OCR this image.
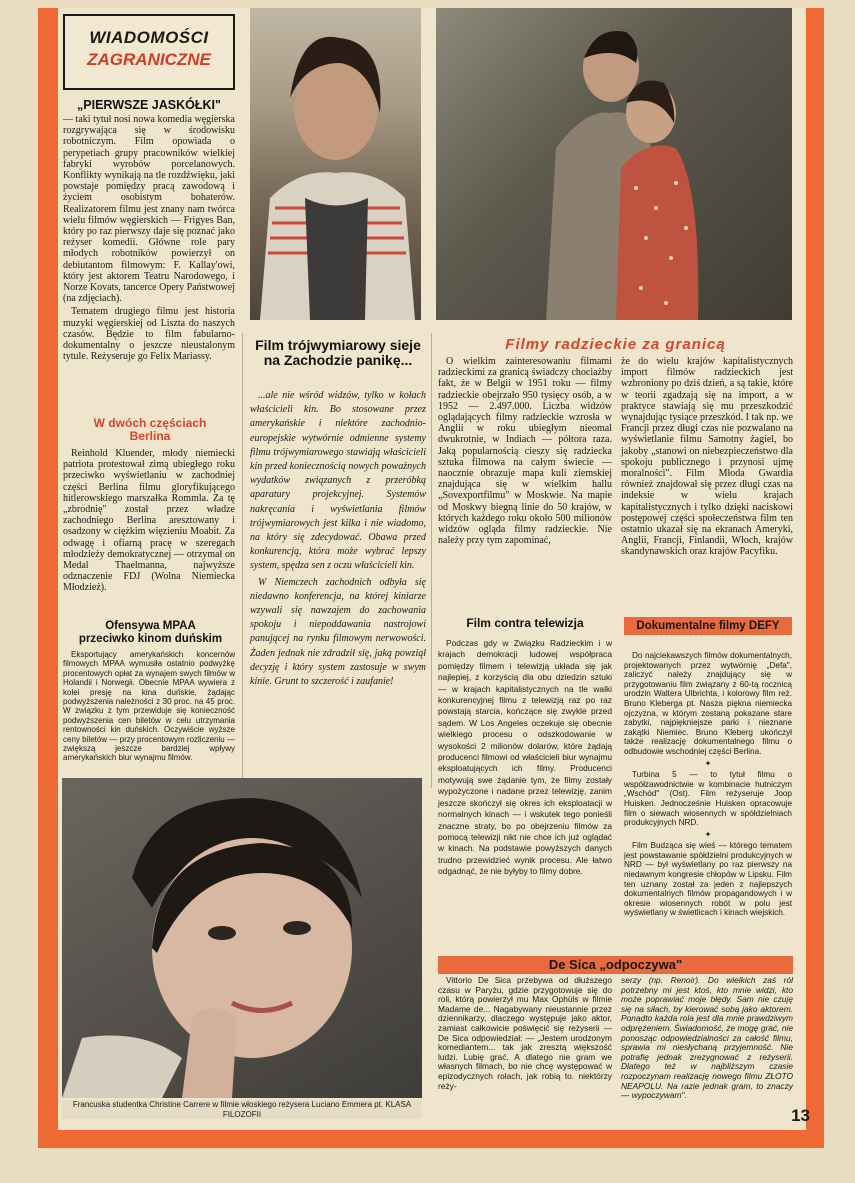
WIADOMOŚCI
ZAGRANICZNE
„PIERWSZE JASKÓŁKI"

— taki tytuł nosi nowa komedia węgierska rozgrywająca się w środowisku robotniczym. Film opowiada o perypetiach grupy pracowników wielkiej fabryki wyrobów porcelanowych. Konflikty wynikają na tle rozdźwięku, jaki powstaje pomiędzy pracą zawodową i życiem osobistym bohaterów. Realizatorem filmu jest znany nam twórca wielu filmów węgierskich — Frigyes Ban, który po raz pierwszy daje się poznać jako reżyser komedii. Główne role pary młodych robotników powierzył on debiutantom filmowym: F. Kallay'owi, który jest aktorem Teatru Narodowego, i Norze Kovats, tancerce Opery Państwowej (na zdjęciach).

Tematem drugiego filmu jest historia muzyki węgierskiej od Liszta do naszych czasów. Będzie to film fabularno-dokumentalny o jeszcze nieustalonym tytule. Reżyseruje go Felix Mariassy.

W dwóch częściach Berlina

Reinhold Kluender, młody niemiecki patriota protestował zimą ubiegłego roku przeciwko wyświetlaniu w zachodniej części Berlina filmu gloryfikującego hitlerowskiego marszałka Rommla. Za tę „zbrodnię" został przez władze zachodniego Berlina aresztowany i osadzony w ciężkim więzieniu Moabit. Za odwagę i ofiarną pracę w szeregach młodzieży demokratycznej — otrzymał on Medal Thaelmanna, najwyższe odznaczenie FDJ (Wolna Niemiecka Młodzież).

Ofensywa MPAA przeciwko kinom duńskim

Eksportujący amerykańskich koncernów filmowych MPAA wymusiła ostatnio podwyżkę procentowych opłat za wynajem swych filmów w Holandii i Norwegii. Obecnie MPAA wywiera z kolei presję na kina duńskie, żądając podwyższenia należności z 30 proc. na 45 proc. W związku z tym przewiduje się konieczność podwyższenia cen biletów w celu utrzymania rentowności kin duńskich. Oczywiście wyższe ceny biletów — przy procentowym rozliczeniu — zwiększą jeszcze bardziej wpływy amerykańskich biur wynajmu filmów.

Film trójwymiarowy sieje na Zachodzie panikę...

...ale nie wśród widzów, tylko w kołach właścicieli kin. Bo stosowane przez amerykańskie i niektóre zachodnio-europejskie wytwórnie odmienne systemy filmu trójwymiarowego stawiają właścicieli kin przed koniecznością nowych poważnych wydatków związanych z przeróbką aparatury projekcyjnej. Systemów nakręcania i wyświetlania filmów trójwymiarowych jest kilka i nie wiadomo, na który się zdecydować. Obawa przed konkurencją, która może wybrać lepszy system, spędza sen z oczu właścicieli kin.

W Niemczech zachodnich odbyła się niedawno konferencja, na której kiniarze wzywali się nawzajem do zachowania spokoju i niepoddawania nastrojowi panującej na rynku filmowym nerwowości. Żaden jednak nie zdradził się, jaką powziął decyzję i który system zastosuje w swym kinie. Grunt to szczerość i zaufanie!

Filmy radzieckie za granicą

O wielkim zainteresowaniu filmami radzieckimi za granicą świadczy chociażby fakt, że w Belgii w 1951 roku — filmy radzieckie obejrzało 950 tysięcy osób, a w 1952 — 2.497.000. Liczba widzów oglądających filmy radzieckie wzrosła w Anglii w roku ubiegłym nieomal dwukrotnie, w Indiach — półtora raza. Jaką popularnością cieszy się radziecka sztuka filmowa na całym świecie — naocznie obrazuje mapa kuli ziemskiej znajdująca się w wielkim hallu „Sovexportfilmu" w Moskwie. Na mapie od Moskwy biegną linie do 50 krajów, w których każdego roku około 500 milionów widzów ogląda filmy radzieckie. Nie należy przy tym zapominać,

że do wielu krajów kapitalistycznych import filmów radzieckich jest wzbroniony po dziś dzień, a są takie, które w teorii zgadzają się na import, a w praktyce stawiają się mu przeszkodzić wynajdując tysiące przeszkód. I tak np. we Francji przez długi czas nie pozwalano na wyświetlanie filmu Samotny żagiel, bo jakoby „stanowi on niebezpieczeństwo dla spokoju publicznego i przynosi ujmę moralności". Film Młoda Gwardia również znajdował się przez długi czas na indeksie w wielu krajach kapitalistycznych i tylko dzięki naciskowi postępowej części społeczeństwa film ten ostatnio ukazał się na ekranach Ameryki, Anglii, Francji, Finlandii, Włoch, krajów skandynawskich oraz krajów Pacyfiku.

Film contra telewizja

Podczas gdy w Związku Radzieckim i w krajach demokracji ludowej współpraca pomiędzy filmem i telewizją układa się jak najlepiej, z korzyścią dla obu dziedzin sztuki — w krajach kapitalistycznych na tle walki konkurencyjnej filmu z telewizją raz po raz powstają starcia, kończące się zwykle przed sądem. W Los Angeles oczekuje się obecnie wielkiego procesu o odszkodowanie w wysokości 2 milionów dolarów, które żądają producenci filmowi od właścicieli biur wynajmu eksploatujących ich filmy. Producenci motywują swe żądanie tym, że filmy zostały wypożyczone i nadane przez telewizję, zanim jeszcze skończył się okres ich eksploatacji w normalnych kinach — i wskutek tego ponieśli znaczne straty, bo po obejrzeniu filmów za pomocą telewizji nikt nie chce ich już oglądać w kinach. Na podstawie powyższych danych trudno przewidzieć wynik procesu. Ale łatwo odgadnąć, że nie byłyby to filmy dobre.

Dokumentalne filmy DEFY

Do najciekawszych filmów dokumentalnych, projektowanych przez wytwórnię „Defa", zaliczyć należy znajdujący się w przygotowaniu film związany z 60-tą rocznicą urodzin Waltera Ulbrichta, i kolorowy film reż. Bruno Kleberga pt. Nasza piękna niemiecka ojczyzna, w którym zostaną pokazane stare zabytki, najpiękniejsze parki i nieznane zakątki Niemiec. Bruno Kleberg ukończył także realizację dokumentalnego filmu o odbudowie wschodniej części Berlina.

✦

Turbina 5 — to tytuł filmu o współzawodnictwie w kombinacie hutniczym „Wschód" (Ost). Film reżyseruje Joop Huisken. Jednocześnie Huisken opracowuje film o siewach wiosennych w spółdzielniach produkcyjnych NRD.

✦

Film Budząca się wieś — którego tematem jest powstawanie spółdzielni produkcyjnych w NRD — był wyświetlany po raz pierwszy na niedawnym kongresie chłopów w Lipsku. Film ten uznany został za jeden z najlepszych dokumentalnych filmów propagandowych i w okresie wiosennych robót w polu jest wyświetlany w świetlicach i kinach wiejskich.

De Sica „odpoczywa"

Vittorio De Sica przebywa od dłuższego czasu w Paryżu, gdzie przygotowuje się do roli, którą powierzył mu Max Ophüls w filmie Madame de... Nagabywany nieustannie przez dziennikarzy, dlaczego występuje jako aktor, zamiast całkowicie poświęcić się reżyserii — De Sica odpowiedział: — „Jestem urodzonym komediantem... tak jak zresztą większość ludzi. Lubię grać. A dlatego nie gram we własnych filmach, bo nie chcę występować w epizodycznych rolach, jak robią to. niektórzy reży-

serzy (np. Renoir). Do wielkich zaś ról potrzebny mi jest ktoś, kto mnie widzi, kto może poprawiać moje błędy. Sam nie czuję się na siłach, by kierować sobą jako aktorem. Ponadto każda rola jest dla mnie prawdziwym odprężeniem. Świadomość, że mogę grać, nie ponosząc odpowiedzialności za całość filmu, sprawia mi niesłychaną przyjemność. Nie potrafię jednak zrezygnować z reżyserii. Dlatego też w najbliższym czasie rozpoczynam realizację nowego filmu ZŁOTO NEAPOLU. Na razie jednak gram, to znaczy — wypoczywam".

Francuska studentka Christine Carrere w filmie włoskiego reżysera Luciano Emmera pt. KLASA FILOZOFII	13
